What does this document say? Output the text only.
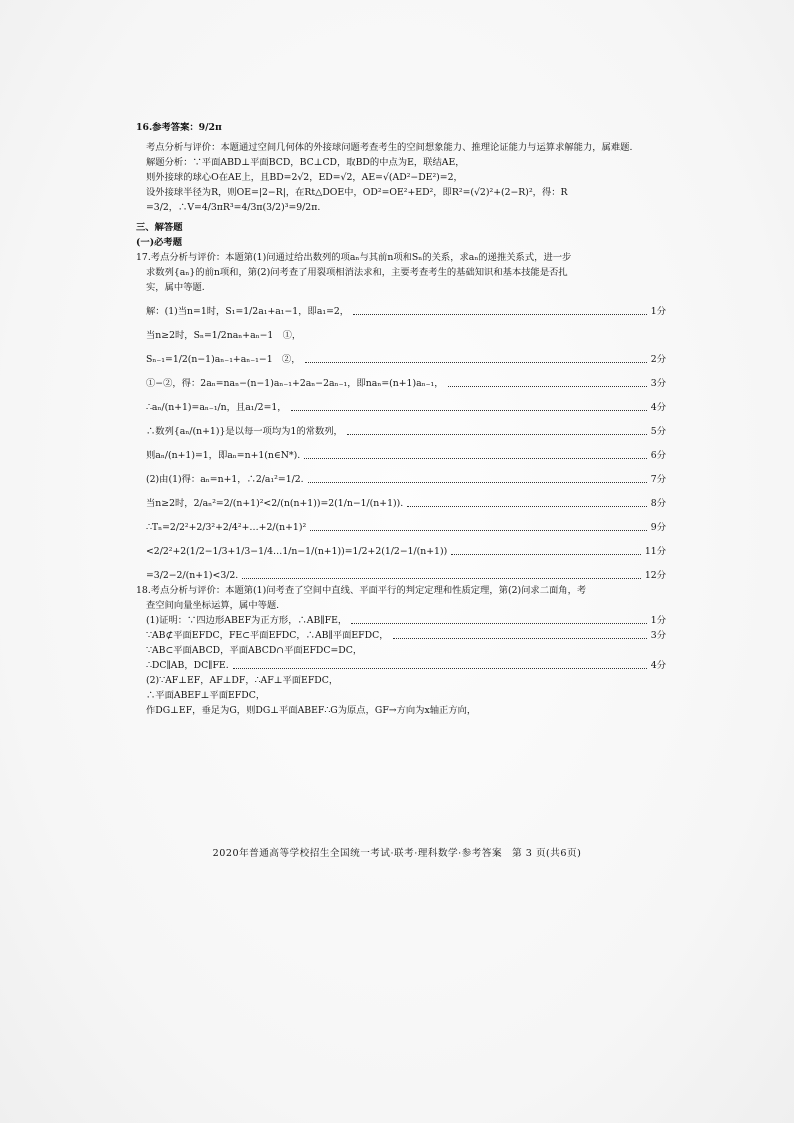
16.参考答案：9/2π
考点分析与评价：本题通过空间几何体的外接球问题考查考生的空间想象能力、推理论证能力与运算求解能力，属难题.
解题分析：∵平面ABD⊥平面BCD，BC⊥CD，取BD的中点为E，联结AE，
则外接球的球心O在AE上，且BD=2√2，ED=√2，AE=√(AD²−DE²)=2，
设外接球半径为R，则OE=|2−R|，在Rt△DOE中，OD²=OE²+ED²，即R²=(√2)²+(2−R)²，得：R
=3/2，∴V=4/3πR³=4/3π(3/2)³=9/2π.
三、解答题
(一)必考题
17.考点分析与评价：本题第(1)问通过给出数列的项aₙ与其前n项和Sₙ的关系，求aₙ的递推关系式，进一步
求数列{aₙ}的前n项和，第(2)问考查了用裂项相消法求和，主要考查考生的基础知识和基本技能是否扎
实，属中等题.
解：(1)当n=1时，S₁=1/2a₁+a₁−1，即a₁=2，	1分
当n≥2时，Sₙ=1/2naₙ+aₙ−1　①，
Sₙ₋₁=1/2(n−1)aₙ₋₁+aₙ₋₁−1　②，	2分
①−②，得：2aₙ=naₙ−(n−1)aₙ₋₁+2aₙ−2aₙ₋₁，即naₙ=(n+1)aₙ₋₁，	3分
∴aₙ/(n+1)=aₙ₋₁/n，且a₁/2=1，	4分
∴数列{aₙ/(n+1)}是以每一项均为1的常数列，	5分
则aₙ/(n+1)=1，即aₙ=n+1(n∈N*).	6分
(2)由(1)得：aₙ=n+1，∴2/a₁²=1/2.	7分
当n≥2时，2/aₙ²=2/(n+1)²<2/(n(n+1))=2(1/n−1/(n+1)).	8分
∴Tₙ=2/2²+2/3²+2/4²+…+2/(n+1)²	9分
<2/2²+2(1/2−1/3+1/3−1/4…1/n−1/(n+1))=1/2+2(1/2−1/(n+1))	11分
=3/2−2/(n+1)<3/2.	12分
18.考点分析与评价：本题第(1)问考查了空间中直线、平面平行的判定定理和性质定理，第(2)问求二面角，考
查空间向量坐标运算，属中等题.
(1)证明：∵四边形ABEF为正方形，∴AB∥FE，	1分
∵AB⊄平面EFDC，FE⊂平面EFDC，∴AB∥平面EFDC，	3分
∵AB⊂平面ABCD，平面ABCD∩平面EFDC=DC，
∴DC∥AB，DC∥FE.	4分
(2)∵AF⊥EF，AF⊥DF，∴AF⊥平面EFDC，
∴平面ABEF⊥平面EFDC，
作DG⊥EF，垂足为G，则DG⊥平面ABEF∴G为原点，GF→方向为x轴正方向，
2020年普通高等学校招生全国统一考试·联考·理科数学·参考答案　第 3 页(共6页)
